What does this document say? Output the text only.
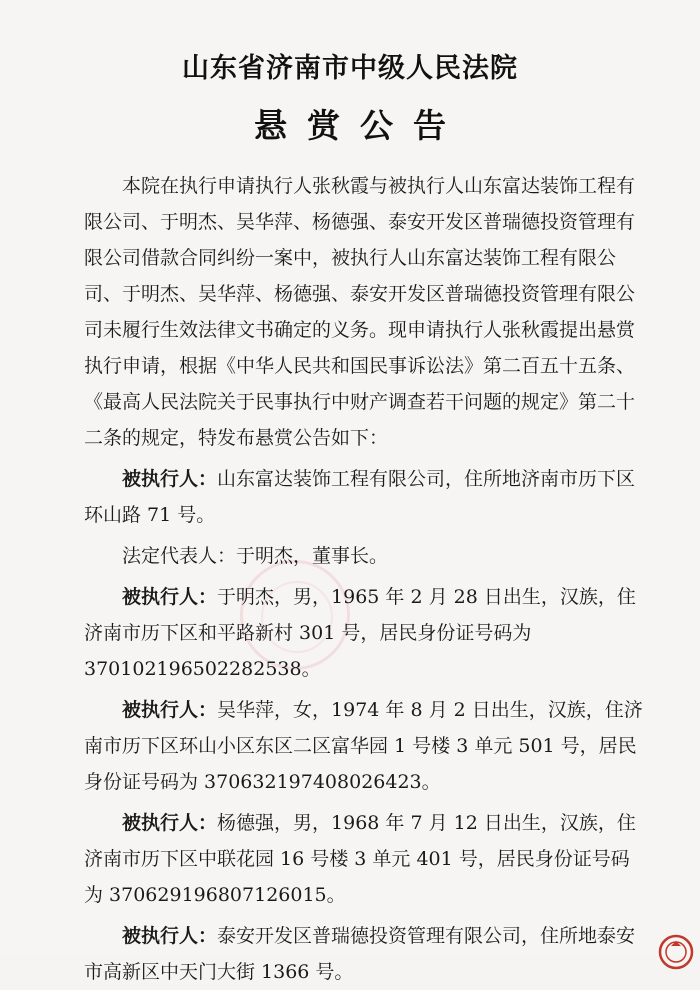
山东省济南市中级人民法院
悬赏公告

本院在执行申请执行人张秋霞与被执行人山东富达装饰工程有限公司、于明杰、吴华萍、杨德强、泰安开发区普瑞德投资管理有限公司借款合同纠纷一案中，被执行人山东富达装饰工程有限公司、于明杰、吴华萍、杨德强、泰安开发区普瑞德投资管理有限公司未履行生效法律文书确定的义务。现申请执行人张秋霞提出悬赏执行申请，根据《中华人民共和国民事诉讼法》第二百五十五条、《最高人民法院关于民事执行中财产调查若干问题的规定》第二十二条的规定，特发布悬赏公告如下：

被执行人：山东富达装饰工程有限公司，住所地济南市历下区环山路 71 号。

法定代表人：于明杰，董事长。

被执行人：于明杰，男，1965 年 2 月 28 日出生，汉族，住济南市历下区和平路新村 301 号，居民身份证号码为 370102196502282538。

被执行人：吴华萍，女，1974 年 8 月 2 日出生，汉族，住济南市历下区环山小区东区二区富华园 1 号楼 3 单元 501 号，居民身份证号码为 370632197408026423。

被执行人：杨德强，男，1968 年 7 月 12 日出生，汉族，住济南市历下区中联花园 16 号楼 3 单元 401 号，居民身份证号码为 370629196807126015。

被执行人：泰安开发区普瑞德投资管理有限公司，住所地泰安市高新区中天门大街 1366 号。
